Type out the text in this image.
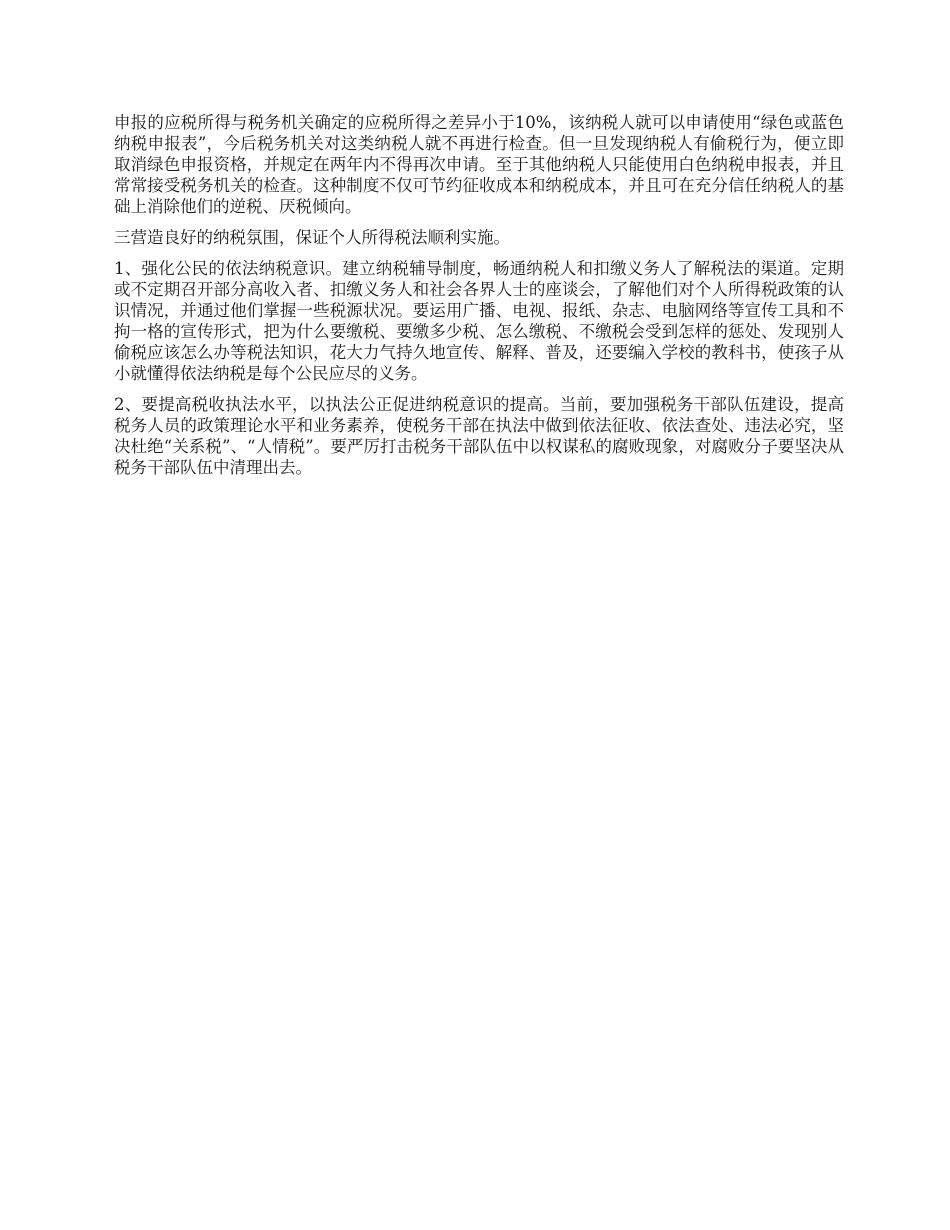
申报的应税所得与税务机关确定的应税所得之差异小于10%，该纳税人就可以申请使用“绿色或蓝色纳税申报表”，今后税务机关对这类纳税人就不再进行检查。但一旦发现纳税人有偷税行为，便立即取消绿色申报资格，并规定在两年内不得再次申请。至于其他纳税人只能使用白色纳税申报表，并且常常接受税务机关的检查。这种制度不仅可节约征收成本和纳税成本，并且可在充分信任纳税人的基础上消除他们的逆税、厌税倾向。

三营造良好的纳税氛围，保证个人所得税法顺利实施。

1、强化公民的依法纳税意识。建立纳税辅导制度，畅通纳税人和扣缴义务人了解税法的渠道。定期或不定期召开部分高收入者、扣缴义务人和社会各界人士的座谈会，了解他们对个人所得税政策的认识情况，并通过他们掌握一些税源状况。要运用广播、电视、报纸、杂志、电脑网络等宣传工具和不拘一格的宣传形式，把为什么要缴税、要缴多少税、怎么缴税、不缴税会受到怎样的惩处、发现别人偷税应该怎么办等税法知识，花大力气持久地宣传、解释、普及，还要编入学校的教科书，使孩子从小就懂得依法纳税是每个公民应尽的义务。

2、要提高税收执法水平，以执法公正促进纳税意识的提高。当前，要加强税务干部队伍建设，提高税务人员的政策理论水平和业务素养，使税务干部在执法中做到依法征收、依法查处、违法必究，坚决杜绝“关系税”、“人情税”。要严厉打击税务干部队伍中以权谋私的腐败现象，对腐败分子要坚决从税务干部队伍中清理出去。
